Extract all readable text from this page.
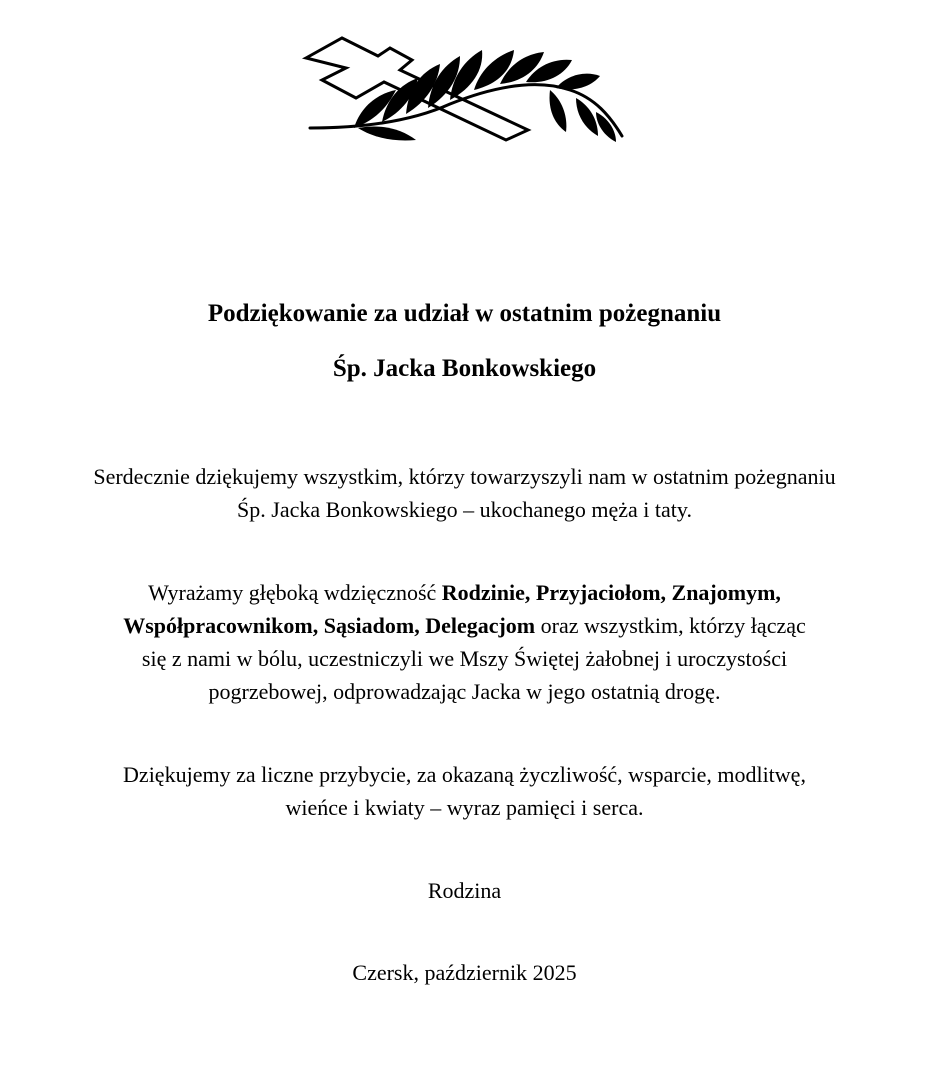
Podziękowanie za udział w ostatnim pożegnaniu
Śp. Jacka Bonkowskiego

Serdecznie dziękujemy wszystkim, którzy towarzyszyli nam w ostatnim pożegnaniu
Śp. Jacka Bonkowskiego – ukochanego męża i taty.

Wyrażamy głęboką wdzięczność Rodzinie, Przyjaciołom, Znajomym,
Współpracownikom, Sąsiadom, Delegacjom oraz wszystkim, którzy łącząc
się z nami w bólu, uczestniczyli we Mszy Świętej żałobnej i uroczystości
pogrzebowej, odprowadzając Jacka w jego ostatnią drogę.

Dziękujemy za liczne przybycie, za okazaną życzliwość, wsparcie, modlitwę,
wieńce i kwiaty – wyraz pamięci i serca.

Rodzina

Czersk, październik 2025
